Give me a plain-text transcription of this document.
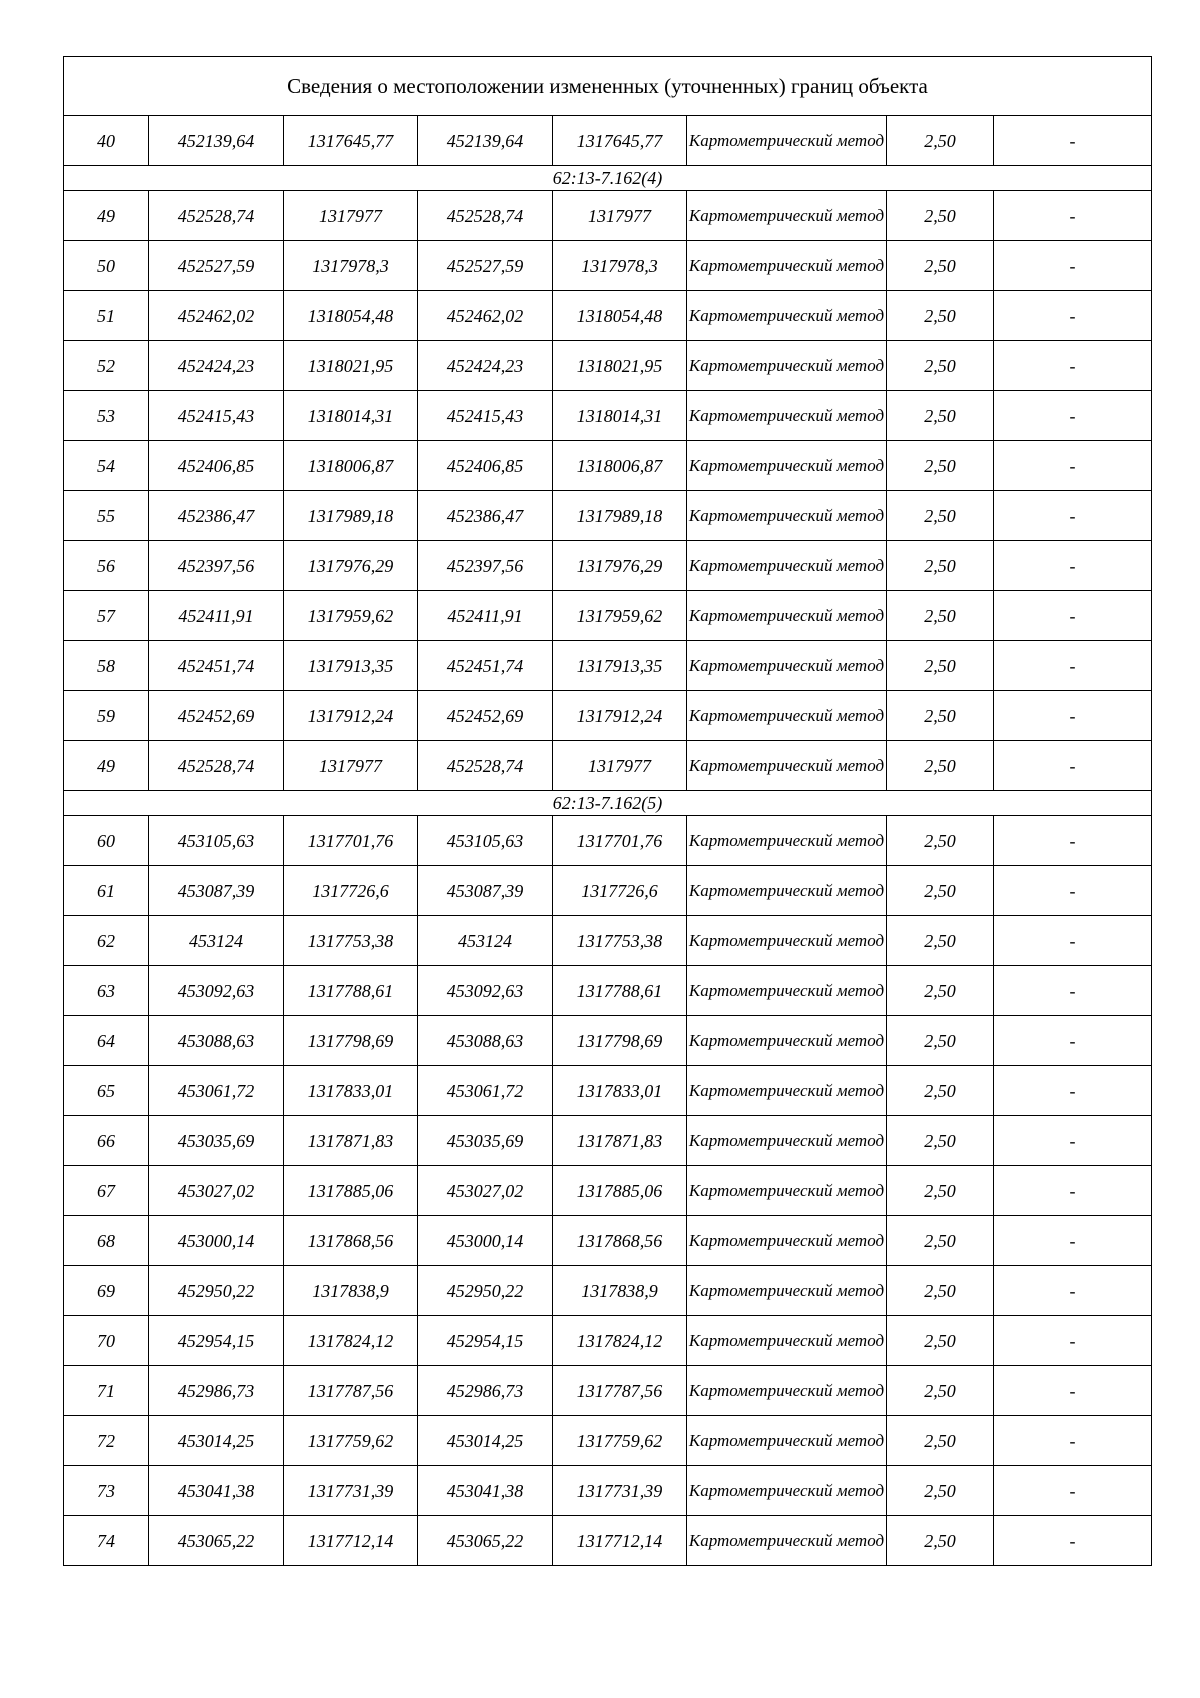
Сведения о местоположении измененных (уточненных) границ объекта							
40	452139,64	1317645,77	452139,64	1317645,77	Картометрический метод	2,50	-
62:13-7.162(4)							
49	452528,74	1317977	452528,74	1317977	Картометрический метод	2,50	-
50	452527,59	1317978,3	452527,59	1317978,3	Картометрический метод	2,50	-
51	452462,02	1318054,48	452462,02	1318054,48	Картометрический метод	2,50	-
52	452424,23	1318021,95	452424,23	1318021,95	Картометрический метод	2,50	-
53	452415,43	1318014,31	452415,43	1318014,31	Картометрический метод	2,50	-
54	452406,85	1318006,87	452406,85	1318006,87	Картометрический метод	2,50	-
55	452386,47	1317989,18	452386,47	1317989,18	Картометрический метод	2,50	-
56	452397,56	1317976,29	452397,56	1317976,29	Картометрический метод	2,50	-
57	452411,91	1317959,62	452411,91	1317959,62	Картометрический метод	2,50	-
58	452451,74	1317913,35	452451,74	1317913,35	Картометрический метод	2,50	-
59	452452,69	1317912,24	452452,69	1317912,24	Картометрический метод	2,50	-
49	452528,74	1317977	452528,74	1317977	Картометрический метод	2,50	-
62:13-7.162(5)							
60	453105,63	1317701,76	453105,63	1317701,76	Картометрический метод	2,50	-
61	453087,39	1317726,6	453087,39	1317726,6	Картометрический метод	2,50	-
62	453124	1317753,38	453124	1317753,38	Картометрический метод	2,50	-
63	453092,63	1317788,61	453092,63	1317788,61	Картометрический метод	2,50	-
64	453088,63	1317798,69	453088,63	1317798,69	Картометрический метод	2,50	-
65	453061,72	1317833,01	453061,72	1317833,01	Картометрический метод	2,50	-
66	453035,69	1317871,83	453035,69	1317871,83	Картометрический метод	2,50	-
67	453027,02	1317885,06	453027,02	1317885,06	Картометрический метод	2,50	-
68	453000,14	1317868,56	453000,14	1317868,56	Картометрический метод	2,50	-
69	452950,22	1317838,9	452950,22	1317838,9	Картометрический метод	2,50	-
70	452954,15	1317824,12	452954,15	1317824,12	Картометрический метод	2,50	-
71	452986,73	1317787,56	452986,73	1317787,56	Картометрический метод	2,50	-
72	453014,25	1317759,62	453014,25	1317759,62	Картометрический метод	2,50	-
73	453041,38	1317731,39	453041,38	1317731,39	Картометрический метод	2,50	-
74	453065,22	1317712,14	453065,22	1317712,14	Картометрический метод	2,50	-
